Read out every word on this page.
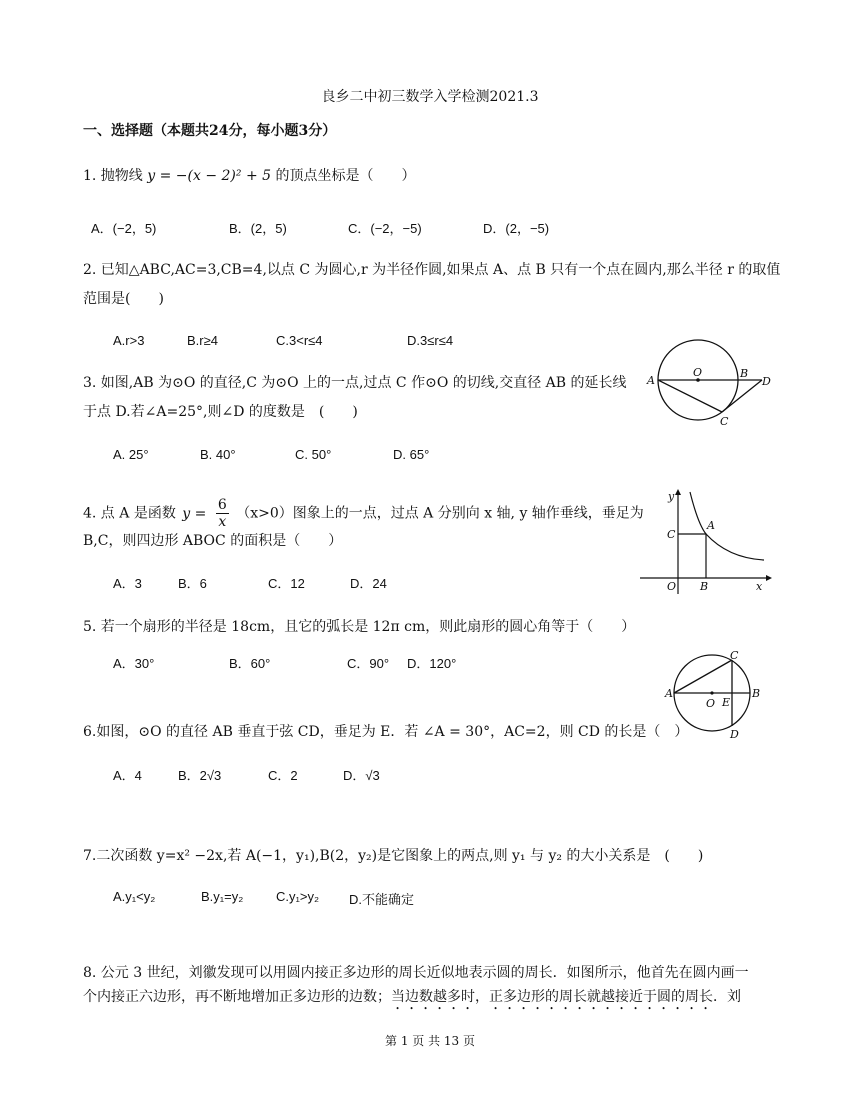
良乡二中初三数学入学检测2021.3
一、选择题（本题共24分，每小题3分）
1. 抛物线 y = −(x − 2)² + 5 的顶点坐标是（　　）
A．(−2，5)	B．(2，5)	C．(−2，−5)	D．(2，−5)
2. 已知△ABC,AC=3,CB=4,以点 C 为圆心,r 为半径作圆,如果点 A、点 B 只有一个点在圆内,那么半径 r 的取值
范围是(　　)
A.r>3	B.r≥4	C.3<r≤4	D.3≤r≤4
3. 如图,AB 为⊙O 的直径,C 为⊙O 上的一点,过点 C 作⊙O 的切线,交直径 AB 的延长线
于点 D.若∠A=25°,则∠D 的度数是　(　　)
A. 25°	B. 40°	C. 50°	D. 65°
A
O	B
D
C
4. 点 A 是函数 $y = \frac{6}{x} (x>0)$图象上的一点，过点 A 分别向 x 轴, y 轴作垂线，垂足为
B,C，则四边形 ABOC 的面积是（　　）
A．3	B．6	C．12	D．24
y
C
A
O B	x
5. 若一个扇形的半径是 18cm，且它的弧长是 12π cm，则此扇形的圆心角等于（　　）
A．30°	B．60°	C．90° D．120°
C
A
O E
B
D
6.如图，⊙O 的直径 AB 垂直于弦 CD，垂足为 E．若 ∠A = 30°，AC=2，则 CD 的长是（　）
A．4	B．2√3	C．2	D．√3
7.二次函数 y=x² −2x,若 A(−1，y₁),B(2，y₂)是它图象上的两点,则 y₁ 与 y₂ 的大小关系是　(　　)
A.y₁<y₂	B.y₁=y₂	C.y₁>y₂ D.不能确定
8. 公元 3 世纪，刘徽发现可以用圆内接正多边形的周长近似地表示圆的周长．如图所示，他首先在圆内画一
个内接正六边形，再不断地增加正多边形的边数；当边数越多时，正多边形的周长就越接近于圆的周长．刘
第 1 页 共 13 页
